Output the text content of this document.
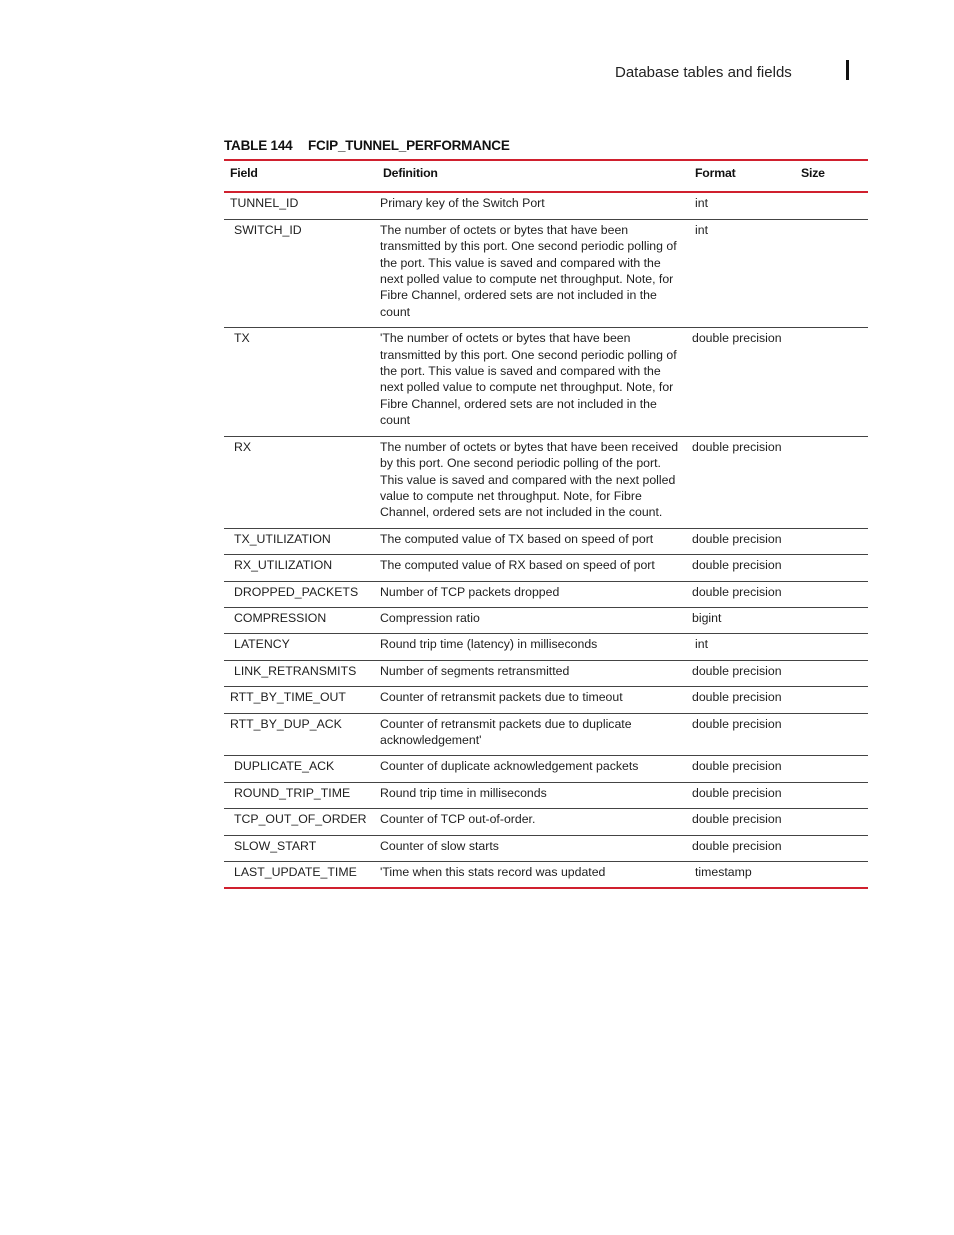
Database tables and fields
TABLE 144 FCIP_TUNNEL_PERFORMANCE
Field	Definition	Format	Size
TUNNEL_ID	Primary key of the Switch Port	int	
SWITCH_ID	The number of octets or bytes that have been transmitted by this port. One second periodic polling of the port. This value is saved and compared with the next polled value to compute net throughput. Note, for Fibre Channel, ordered sets are not included in the count	int	
TX	'The number of octets or bytes that have been transmitted by this port. One second periodic polling of the port. This value is saved and compared with the next polled value to compute net throughput. Note, for Fibre Channel, ordered sets are not included in the count	double precision	
RX	The number of octets or bytes that have been received by this port. One second periodic polling of the port. This value is saved and compared with the next polled value to compute net throughput. Note, for Fibre Channel, ordered sets are not included in the count.	double precision	
TX_UTILIZATION	The computed value of TX based on speed of port	double precision	
RX_UTILIZATION	The computed value of RX based on speed of port	double precision	
DROPPED_PACKETS	Number of TCP packets dropped	double precision	
COMPRESSION	Compression ratio	bigint	
LATENCY	Round trip time (latency) in milliseconds	int	
LINK_RETRANSMITS	Number of segments retransmitted	double precision	
RTT_BY_TIME_OUT	Counter of retransmit packets due to timeout	double precision	
RTT_BY_DUP_ACK	Counter of retransmit packets due to duplicate acknowledgement'	double precision	
DUPLICATE_ACK	Counter of duplicate acknowledgement packets	double precision	
ROUND_TRIP_TIME	Round trip time in milliseconds	double precision	
TCP_OUT_OF_ORDER	Counter of TCP out-of-order.	double precision	
SLOW_START	Counter of slow starts	double precision	
LAST_UPDATE_TIME	'Time when this stats record was updated	timestamp	
